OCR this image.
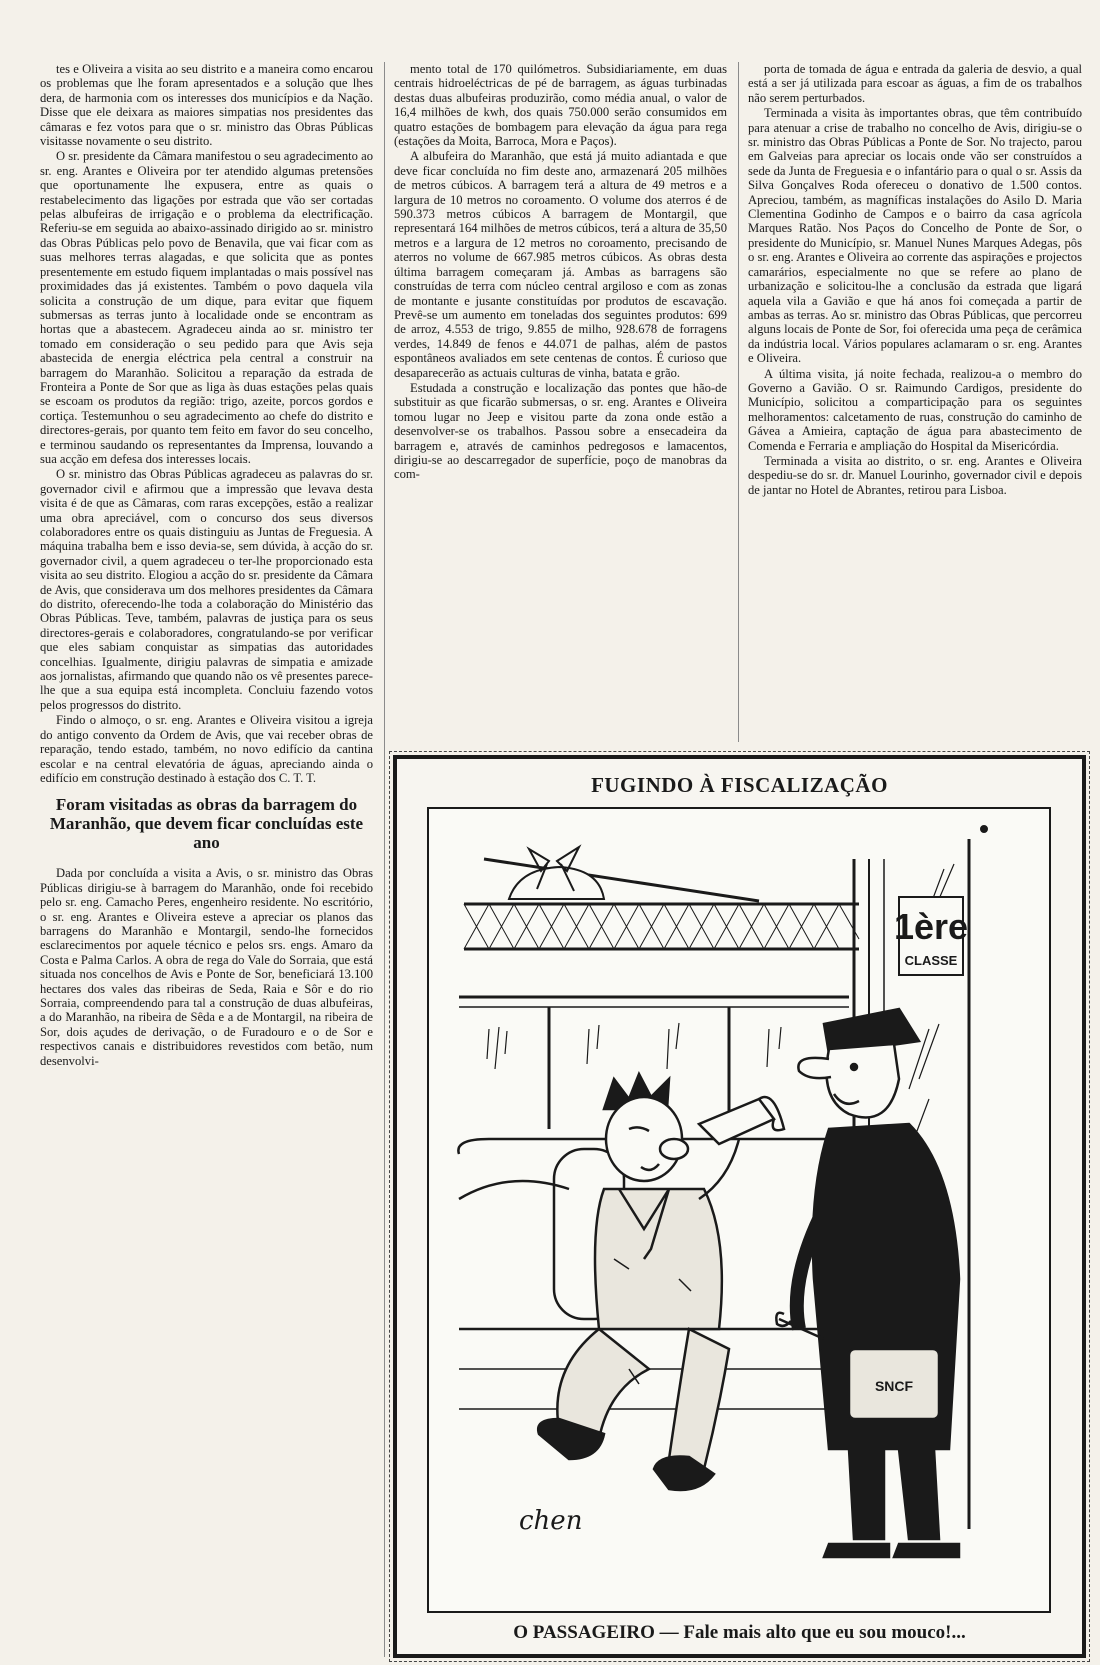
tes e Oliveira a visita ao seu distrito e a maneira como encarou os problemas que lhe foram apresentados e a solução que lhes dera, de harmonia com os interesses dos municípios e da Nação. Disse que ele deixara as maiores simpatias nos presidentes das câmaras e fez votos para que o sr. ministro das Obras Públicas visitasse novamente o seu distrito.

O sr. presidente da Câmara manifestou o seu agradecimento ao sr. eng. Arantes e Oliveira por ter atendido algumas pretensões que oportunamente lhe expusera, entre as quais o restabelecimento das ligações por estrada que vão ser cortadas pelas albufeiras de irrigação e o problema da electrificação. Referiu-se em seguida ao abaixo-assinado dirigido ao sr. ministro das Obras Públicas pelo povo de Benavila, que vai ficar com as suas melhores terras alagadas, e que solicita que as pontes presentemente em estudo fiquem implantadas o mais possível nas proximidades das já existentes. Também o povo daquela vila solicita a construção de um dique, para evitar que fiquem submersas as terras junto à localidade onde se encontram as hortas que a abastecem. Agradeceu ainda ao sr. ministro ter tomado em consideração o seu pedido para que Avis seja abastecida de energia eléctrica pela central a construir na barragem do Maranhão. Solicitou a reparação da estrada de Fronteira a Ponte de Sor que as liga às duas estações pelas quais se escoam os produtos da região: trigo, azeite, porcos gordos e cortiça. Testemunhou o seu agradecimento ao chefe do distrito e directores-gerais, por quanto tem feito em favor do seu concelho, e terminou saudando os representantes da Imprensa, louvando a sua acção em defesa dos interesses locais.

O sr. ministro das Obras Públicas agradeceu as palavras do sr. governador civil e afirmou que a impressão que levava desta visita é de que as Câmaras, com raras excepções, estão a realizar uma obra apreciável, com o concurso dos seus diversos colaboradores entre os quais distinguiu as Juntas de Freguesia. A máquina trabalha bem e isso devia-se, sem dúvida, à acção do sr. governador civil, a quem agradeceu o ter-lhe proporcionado esta visita ao seu distrito. Elogiou a acção do sr. presidente da Câmara de Avis, que considerava um dos melhores presidentes da Câmara do distrito, oferecendo-lhe toda a colaboração do Ministério das Obras Públicas. Teve, também, palavras de justiça para os seus directores-gerais e colaboradores, congratulando-se por verificar que eles sabiam conquistar as simpatias das autoridades concelhias. Igualmente, dirigiu palavras de simpatia e amizade aos jornalistas, afirmando que quando não os vê presentes parece-lhe que a sua equipa está incompleta. Concluiu fazendo votos pelos progressos do distrito.

Findo o almoço, o sr. eng. Arantes e Oliveira visitou a igreja do antigo convento da Ordem de Avis, que vai receber obras de reparação, tendo estado, também, no novo edifício da cantina escolar e na central elevatória de águas, apreciando ainda o edifício em construção destinado à estação dos C. T. T.

Foram visitadas as obras da barragem do Maranhão, que devem ficar concluídas este ano

Dada por concluída a visita a Avis, o sr. ministro das Obras Públicas dirigiu-se à barragem do Maranhão, onde foi recebido pelo sr. eng. Camacho Peres, engenheiro residente. No escritório, o sr. eng. Arantes e Oliveira esteve a apreciar os planos das barragens do Maranhão e Montargil, sendo-lhe fornecidos esclarecimentos por aquele técnico e pelos srs. engs. Amaro da Costa e Palma Carlos. A obra de rega do Vale do Sorraia, que está situada nos concelhos de Avis e Ponte de Sor, beneficiará 13.100 hectares dos vales das ribeiras de Seda, Raia e Sôr e do rio Sorraia, compreendendo para tal a construção de duas albufeiras, a do Maranhão, na ribeira de Sêda e a de Montargil, na ribeira de Sor, dois açudes de derivação, o de Furadouro e o de Sor e respectivos canais e distribuidores revestidos com betão, num desenvolvi-

mento total de 170 quilómetros. Subsidiariamente, em duas centrais hidroeléctricas de pé de barragem, as águas turbinadas destas duas albufeiras produzirão, como média anual, o valor de 16,4 milhões de kwh, dos quais 750.000 serão consumidos em quatro estações de bombagem para elevação da água para rega (estações da Moita, Barroca, Mora e Paços).

A albufeira do Maranhão, que está já muito adiantada e que deve ficar concluída no fim deste ano, armazenará 205 milhões de metros cúbicos. A barragem terá a altura de 49 metros e a largura de 10 metros no coroamento. O volume dos aterros é de 590.373 metros cúbicos A barragem de Montargil, que representará 164 milhões de metros cúbicos, terá a altura de 35,50 metros e a largura de 12 metros no coroamento, precisando de aterros no volume de 667.985 metros cúbicos. As obras desta última barragem começaram já. Ambas as barragens são construídas de terra com núcleo central argiloso e com as zonas de montante e jusante constituídas por produtos de escavação. Prevê-se um aumento em toneladas dos seguintes produtos: 699 de arroz, 4.553 de trigo, 9.855 de milho, 928.678 de forragens verdes, 14.849 de fenos e 44.071 de palhas, além de pastos espontâneos avaliados em sete centenas de contos. É curioso que desaparecerão as actuais culturas de vinha, batata e grão.

Estudada a construção e localização das pontes que hão-de substituir as que ficarão submersas, o sr. eng. Arantes e Oliveira tomou lugar no Jeep e visitou parte da zona onde estão a desenvolver-se os trabalhos. Passou sobre a ensecadeira da barragem e, através de caminhos pedregosos e lamacentos, dirigiu-se ao descarregador de superfície, poço de manobras da com-

porta de tomada de água e entrada da galeria de desvio, a qual está a ser já utilizada para escoar as águas, a fim de os trabalhos não serem perturbados.

Terminada a visita às importantes obras, que têm contribuído para atenuar a crise de trabalho no concelho de Avis, dirigiu-se o sr. ministro das Obras Públicas a Ponte de Sor. No trajecto, parou em Galveias para apreciar os locais onde vão ser construídos a sede da Junta de Freguesia e o infantário para o qual o sr. Assis da Silva Gonçalves Roda ofereceu o donativo de 1.500 contos. Apreciou, também, as magníficas instalações do Asilo D. Maria Clementina Godinho de Campos e o bairro da casa agrícola Marques Ratão. Nos Paços do Concelho de Ponte de Sor, o presidente do Município, sr. Manuel Nunes Marques Adegas, pôs o sr. eng. Arantes e Oliveira ao corrente das aspirações e projectos camarários, especialmente no que se refere ao plano de urbanização e solicitou-lhe a conclusão da estrada que ligará aquela vila a Gavião e que há anos foi começada a partir de ambas as terras. Ao sr. ministro das Obras Públicas, que percorreu alguns locais de Ponte de Sor, foi oferecida uma peça de cerâmica da indústria local. Vários populares aclamaram o sr. eng. Arantes e Oliveira.

A última visita, já noite fechada, realizou-a o membro do Governo a Gavião. O sr. Raimundo Cardigos, presidente do Município, solicitou a comparticipação para os seguintes melhoramentos: calcetamento de ruas, construção do caminho de Gávea a Amieira, captação de água para abastecimento de Comenda e Ferraria e ampliação do Hospital da Misericórdia.

Terminada a visita ao distrito, o sr. eng. Arantes e Oliveira despediu-se do sr. dr. Manuel Lourinho, governador civil e depois de jantar no Hotel de Abrantes, retirou para Lisboa.

FUGINDO À FISCALIZAÇÃO
1ère
CLASSE
SNCF
chen
O PASSAGEIRO — Fale mais alto que eu sou mouco!...
